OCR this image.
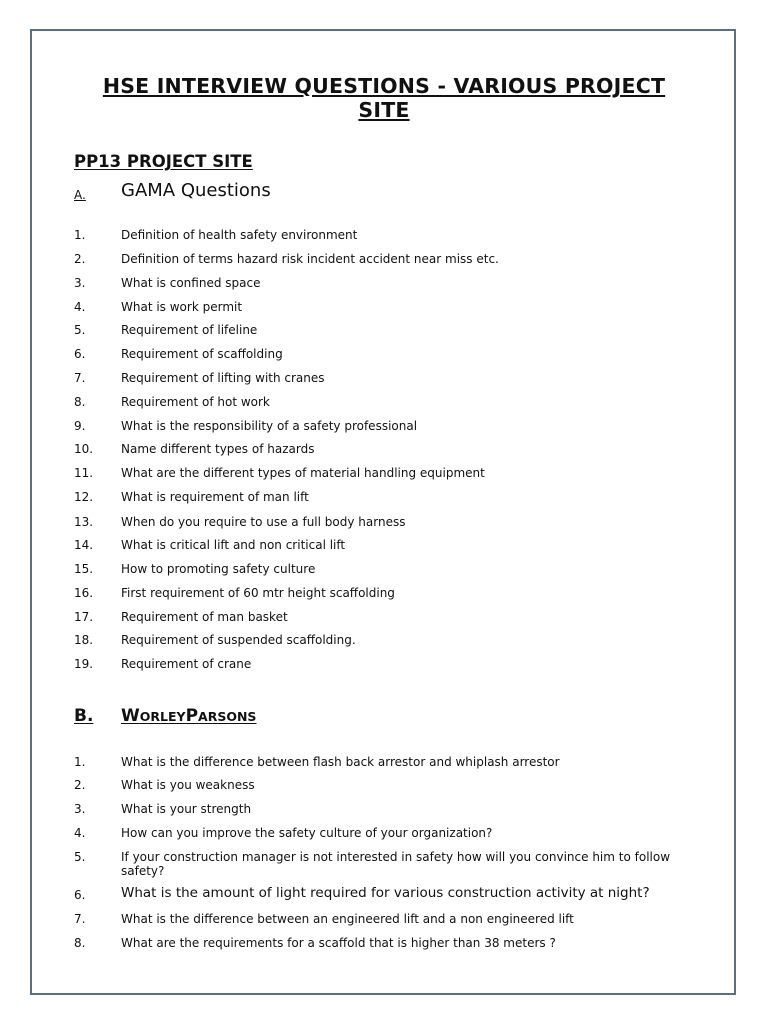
HSE INTERVIEW QUESTIONS - VARIOUS PROJECT SITE
PP13 PROJECT SITE
A. GAMA Questions
1.	Definition of health safety environment
2.	Definition of terms hazard risk incident accident near miss etc.
3.	What is confined space
4.	What is work permit
5.	Requirement of lifeline
6.	Requirement of scaffolding
7.	Requirement of lifting with cranes
8.	Requirement of hot work
9.	What is the responsibility of a safety professional
10. Name different types of hazards
11. What are the different types of material handling equipment
12. What is requirement of man lift
13. When do you require to use a full body harness
14. What is critical lift and non critical lift
15. How to promoting safety culture
16. First requirement of 60 mtr height scaffolding
17. Requirement of man basket
18. Requirement of suspended scaffolding.
19. Requirement of crane
B. WORLEYPARSONS
1.	What is the difference between flash back arrestor and whiplash arrestor
2.	What is you weakness
3.	What is your strength
4.	How can you improve the safety culture of your organization?
5.	If your construction manager is not interested in safety how will you convince him to follow safety?
6.	What is the amount of light required for various construction activity at night?
7.	What is the difference between an engineered lift and a non engineered lift
8.	What are the requirements for a scaffold that is higher than 38 meters ?
